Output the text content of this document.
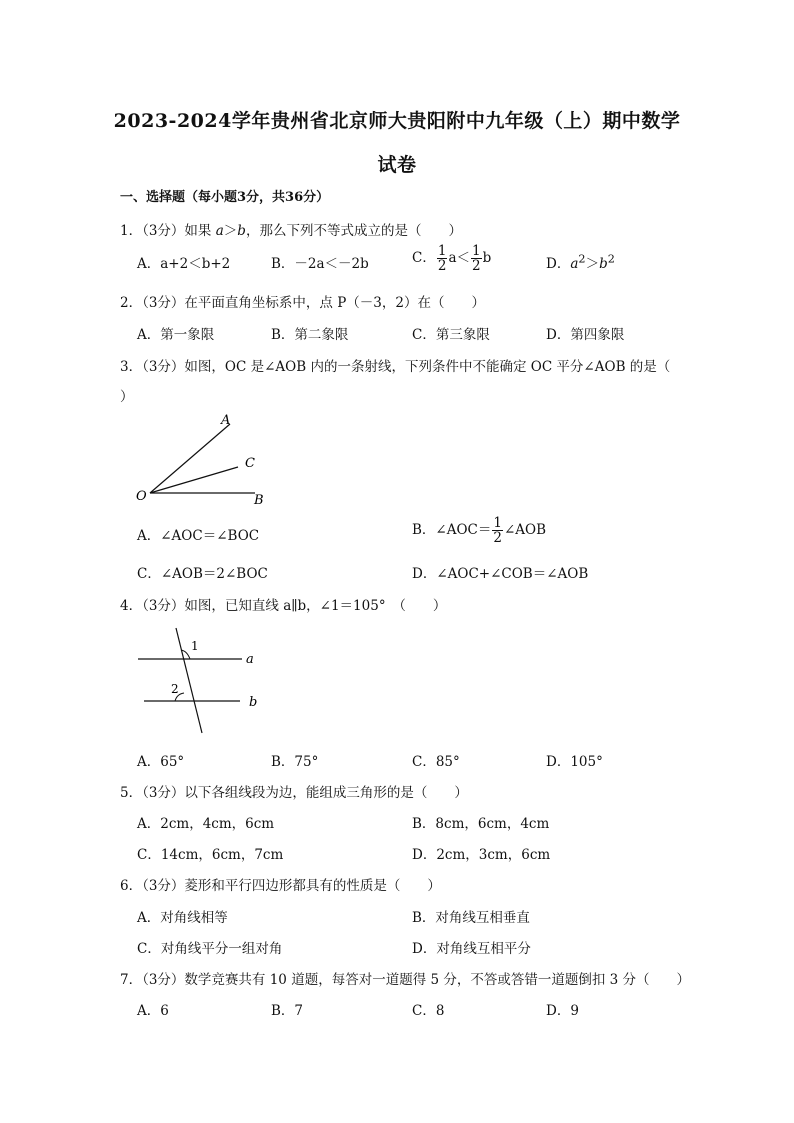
2023-2024学年贵州省北京师大贵阳附中九年级（上）期中数学
试卷
一、选择题（每小题3分，共36分）
1．（3分）如果 a＞b，那么下列不等式成立的是（　　）
A．a+2＜b+2	B．－2a＜－2b	C． $\frac{1}{2} a< \frac{1}{2}$ b	D．$a^2>b^2$
2．（3分）在平面直角坐标系中，点 P（－3，2）在（　　）
A．第一象限	B．第二象限	C．第三象限	D．第四象限
3．（3分）如图，OC 是∠AOB 内的一条射线，下列条件中不能确定 OC 平分∠AOB 的是（
）
A
C
O	B
A．∠AOC＝∠BOC	B．∠AOC＝ $\frac{1}{2}$ ∠AOB
C．∠AOB＝2∠BOC	D．∠AOC+∠COB＝∠AOB
4．（3分）如图，已知直线 a∥b，∠1＝105°　（　　）
1
2
a
b
A．65°	B．75°	C．85°	D．105°
5．（3分）以下各组线段为边，能组成三角形的是（　　）
A．2cm，4cm，6cm	B．8cm，6cm，4cm
C．14cm，6cm，7cm	D．2cm，3cm，6cm
6．（3分）菱形和平行四边形都具有的性质是（　　）
A．对角线相等	B．对角线互相垂直
C．对角线平分一组对角	D．对角线互相平分
7．（3分）数学竞赛共有 10 道题，每答对一道题得 5 分，不答或答错一道题倒扣 3 分（　　）
A．6	B．7	C．8	D．9
